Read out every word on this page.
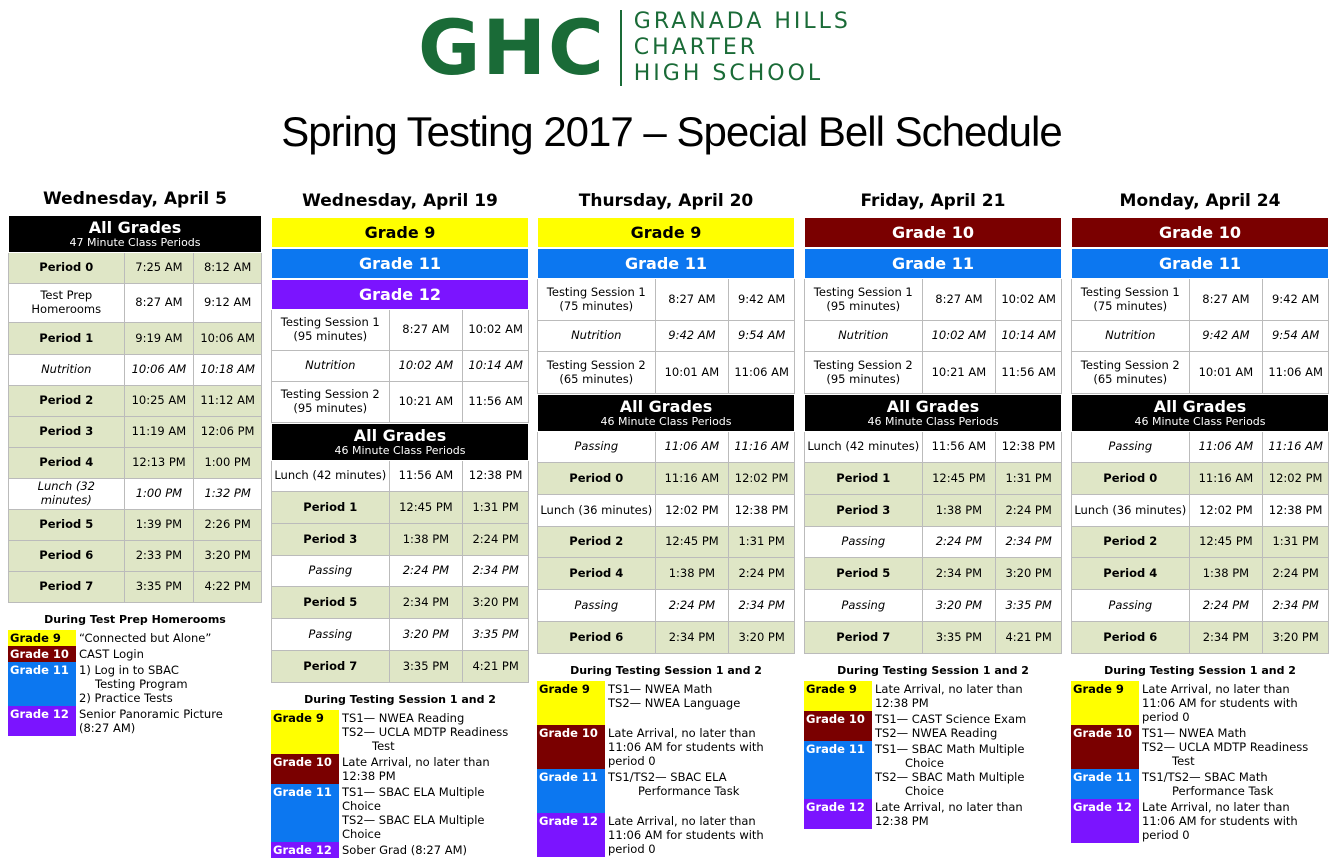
GHC GRANADA HILLS
CHARTER
HIGH SCHOOL
Spring Testing 2017 – Special Bell Schedule
Wednesday, April 5
All Grades
47 Minute Class Periods
Period 0	7:25 AM	8:12 AM
Test Prep Homerooms	8:27 AM	9:12 AM
Period 1	9:19 AM	10:06 AM
Nutrition	10:06 AM	10:18 AM
Period 2	10:25 AM	11:12 AM
Period 3	11:19 AM	12:06 PM
Period 4	12:13 PM	1:00 PM
Lunch (32 minutes)	1:00 PM	1:32 PM
Period 5	1:39 PM	2:26 PM
Period 6	2:33 PM	3:20 PM
Period 7	3:35 PM	4:22 PM
During Test Prep Homerooms
Grade 9	“Connected but Alone”
Grade 10 CAST Login
Grade 11 1) Log in to SBAC
Testing Program
2) Practice Tests
Grade 12 Senior Panoramic Picture
(8:27 AM)
Wednesday, April 19
Grade 9
Grade 11
Grade 12
Testing Session 1 (95 minutes)	8:27 AM	10:02 AM
Nutrition	10:02 AM	10:14 AM
Testing Session 2 (95 minutes)	10:21 AM	11:56 AM
All Grades
46 Minute Class Periods
Lunch (42 minutes)	11:56 AM	12:38 PM
Period 1	12:45 PM	1:31 PM
Period 3	1:38 PM	2:24 PM
Passing	2:24 PM	2:34 PM
Period 5	2:34 PM	3:20 PM
Passing	3:20 PM	3:35 PM
Period 7	3:35 PM	4:21 PM
During Testing Session 1 and 2
Grade 9	TS1— NWEA Reading
TS2— UCLA MDTP Readiness
Test
Grade 10 Late Arrival, no later than
12:38 PM
Grade 11 TS1— SBAC ELA Multiple Choice
TS2— SBAC ELA Multiple Choice
Grade 12 Sober Grad (8:27 AM)
Thursday, April 20
Grade 9
Grade 11
Testing Session 1 (75 minutes)	8:27 AM	9:42 AM
Nutrition	9:42 AM	9:54 AM
Testing Session 2 (65 minutes)	10:01 AM	11:06 AM
All Grades
46 Minute Class Periods
Passing	11:06 AM	11:16 AM
Period 0	11:16 AM	12:02 PM
Lunch (36 minutes)	12:02 PM	12:38 PM
Period 2	12:45 PM	1:31 PM
Period 4	1:38 PM	2:24 PM
Passing	2:24 PM	2:34 PM
Period 6	2:34 PM	3:20 PM
During Testing Session 1 and 2
Grade 9	TS1— NWEA Math
TS2— NWEA Language

Grade 10 Late Arrival, no later than
11:06 AM for students with
period 0
Grade 11 TS1/TS2— SBAC ELA
Performance Task

Grade 12 Late Arrival, no later than
11:06 AM for students with
period 0
Friday, April 21
Grade 10
Grade 11
Testing Session 1 (95 minutes)	8:27 AM	10:02 AM
Nutrition	10:02 AM	10:14 AM
Testing Session 2 (95 minutes)	10:21 AM	11:56 AM
All Grades
46 Minute Class Periods
Lunch (42 minutes)	11:56 AM	12:38 PM
Period 1	12:45 PM	1:31 PM
Period 3	1:38 PM	2:24 PM
Passing	2:24 PM	2:34 PM
Period 5	2:34 PM	3:20 PM
Passing	3:20 PM	3:35 PM
Period 7	3:35 PM	4:21 PM
During Testing Session 1 and 2
Grade 9	Late Arrival, no later than
12:38 PM
Grade 10 TS1— CAST Science Exam
TS2— NWEA Reading
Grade 11 TS1— SBAC Math Multiple
Choice
TS2— SBAC Math Multiple
Choice
Grade 12 Late Arrival, no later than
12:38 PM
Monday, April 24
Grade 10
Grade 11
Testing Session 1 (75 minutes)	8:27 AM	9:42 AM
Nutrition	9:42 AM	9:54 AM
Testing Session 2 (65 minutes)	10:01 AM	11:06 AM
All Grades
46 Minute Class Periods
Passing	11:06 AM	11:16 AM
Period 0	11:16 AM	12:02 PM
Lunch (36 minutes)	12:02 PM	12:38 PM
Period 2	12:45 PM	1:31 PM
Period 4	1:38 PM	2:24 PM
Passing	2:24 PM	2:34 PM
Period 6	2:34 PM	3:20 PM
During Testing Session 1 and 2
Grade 9	Late Arrival, no later than
11:06 AM for students with
period 0
Grade 10 TS1— NWEA Math
TS2— UCLA MDTP Readiness
Test
Grade 11 TS1/TS2— SBAC Math
Performance Task
Grade 12 Late Arrival, no later than
11:06 AM for students with
period 0
